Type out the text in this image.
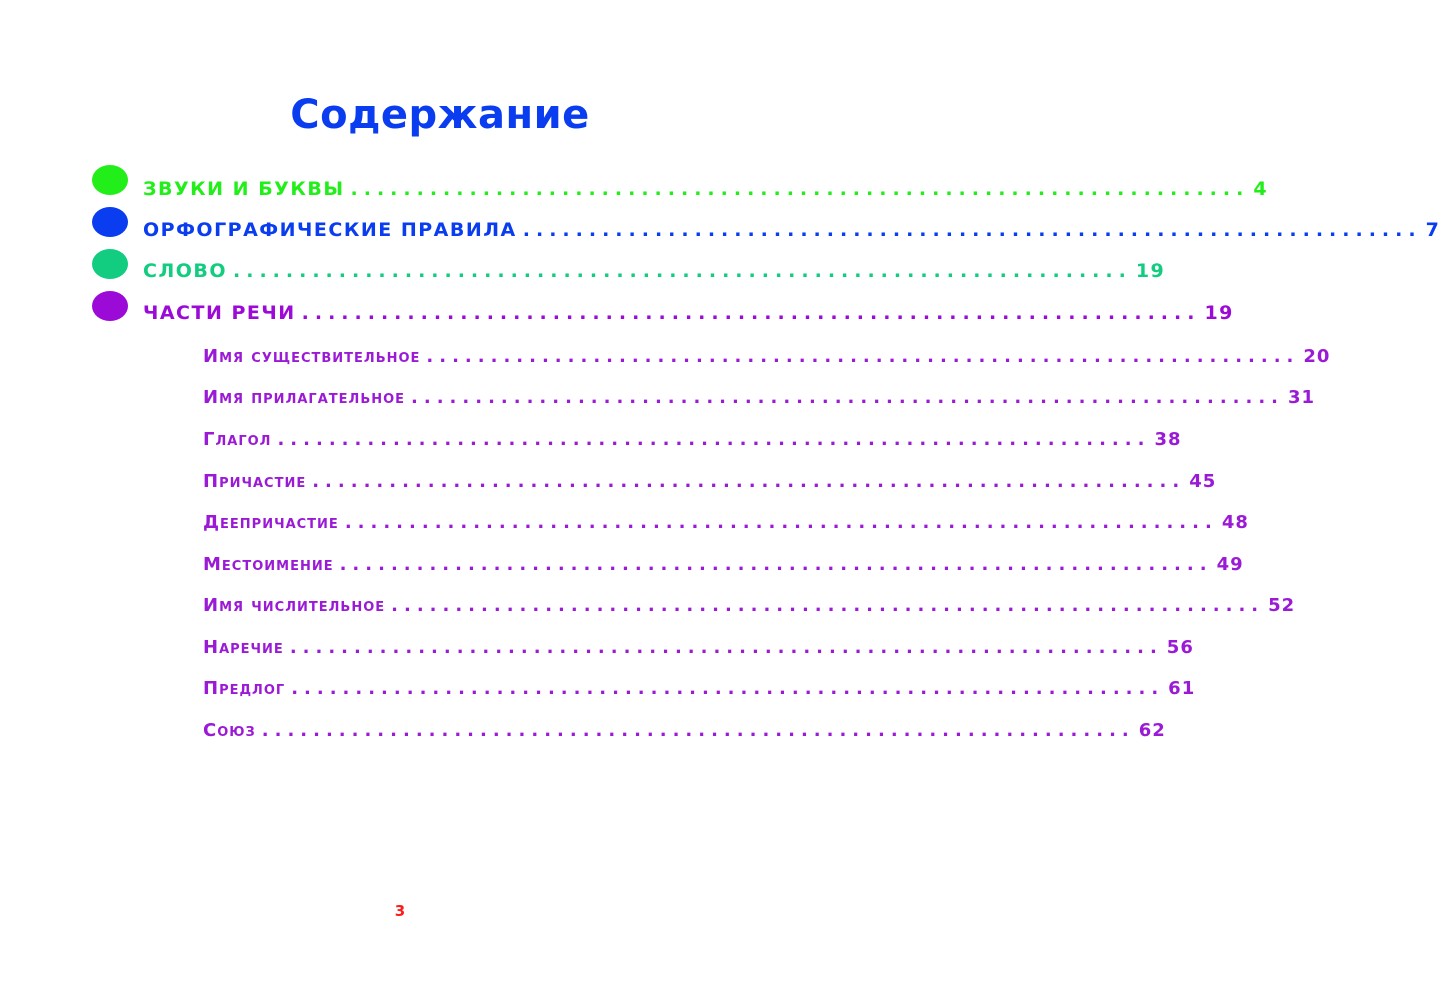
Содержание
ЗВУКИ И БУКВЫ .................................................................... 4
ОРФОГРАФИЧЕСКИЕ ПРАВИЛА .................................................................... 7
СЛОВО .................................................................... 19
ЧАСТИ РЕЧИ .................................................................... 19
Имя существительное .................................................................... 20
Имя прилагательное .................................................................... 31
Глагол .................................................................... 38
Причастие .................................................................... 45
Деепричастие .................................................................... 48
Местоимение .................................................................... 49
Имя числительное .................................................................... 52
Наречие .................................................................... 56
Предлог .................................................................... 61
Союз .................................................................... 62
3
